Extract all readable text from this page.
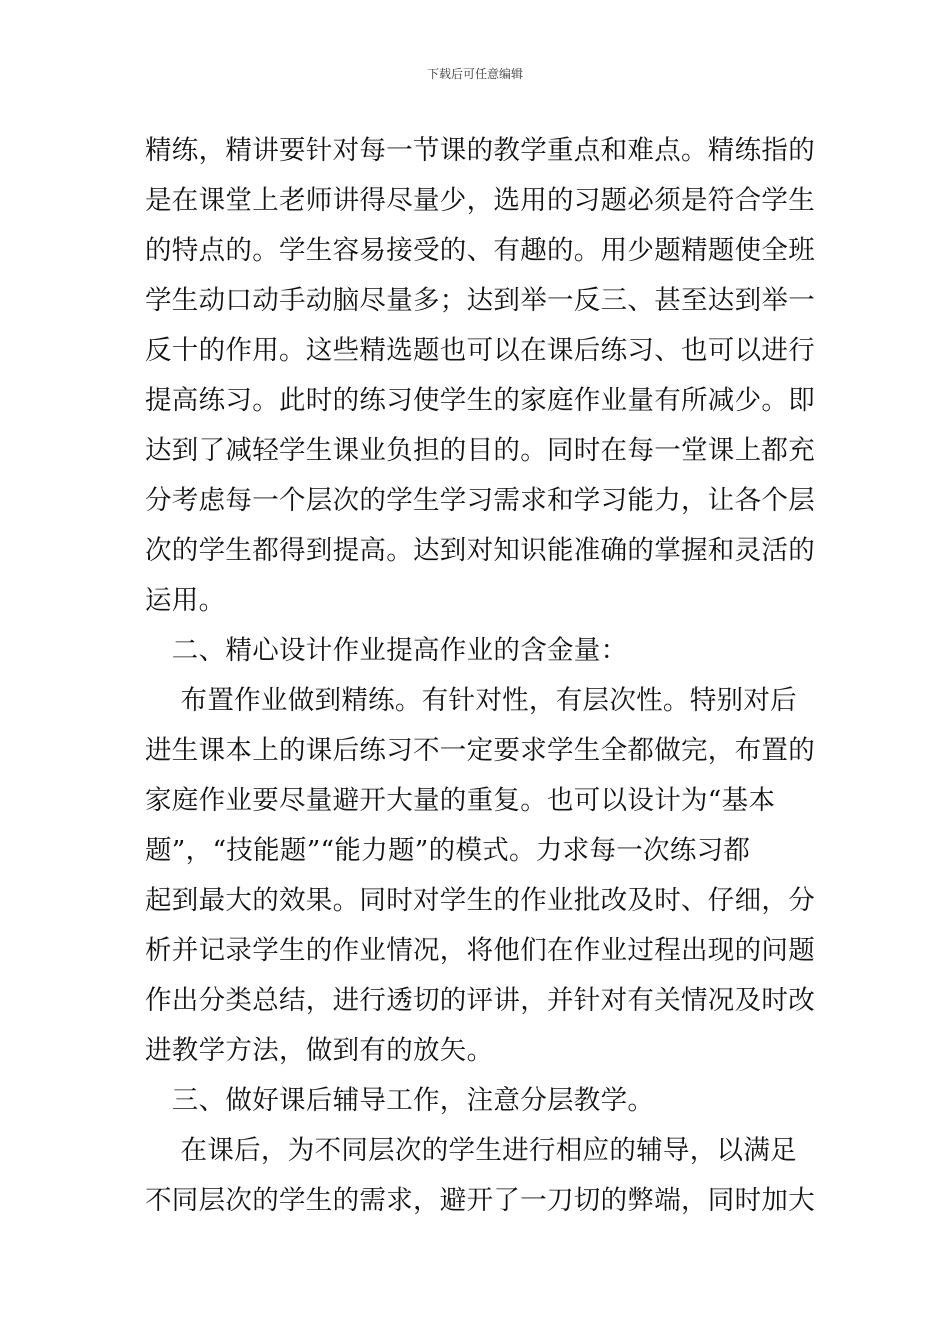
下载后可任意编辑
精练，精讲要针对每一节课的教学重点和难点。精练指的
是在课堂上老师讲得尽量少，选用的习题必须是符合学生
的特点的。学生容易接受的、有趣的。用少题精题使全班
学生动口动手动脑尽量多；达到举一反三、甚至达到举一
反十的作用。这些精选题也可以在课后练习、也可以进行
提高练习。此时的练习使学生的家庭作业量有所减少。即
达到了减轻学生课业负担的目的。同时在每一堂课上都充
分考虑每一个层次的学生学习需求和学习能力，让各个层
次的学生都得到提高。达到对知识能准确的掌握和灵活的
运用。
　二、精心设计作业提高作业的含金量：
　 布置作业做到精练。有针对性，有层次性。特别对后
进生课本上的课后练习不一定要求学生全都做完，布置的
家庭作业要尽量避开大量的重复。也可以设计为“基本
题”，“技能题”“能力题”的模式。力求每一次练习都
起到最大的效果。同时对学生的作业批改及时、仔细，分
析并记录学生的作业情况，将他们在作业过程出现的问题
作出分类总结，进行透切的评讲，并针对有关情况及时改
进教学方法，做到有的放矢。
　三、做好课后辅导工作，注意分层教学。
　 在课后，为不同层次的学生进行相应的辅导，以满足
不同层次的学生的需求，避开了一刀切的弊端，同时加大
